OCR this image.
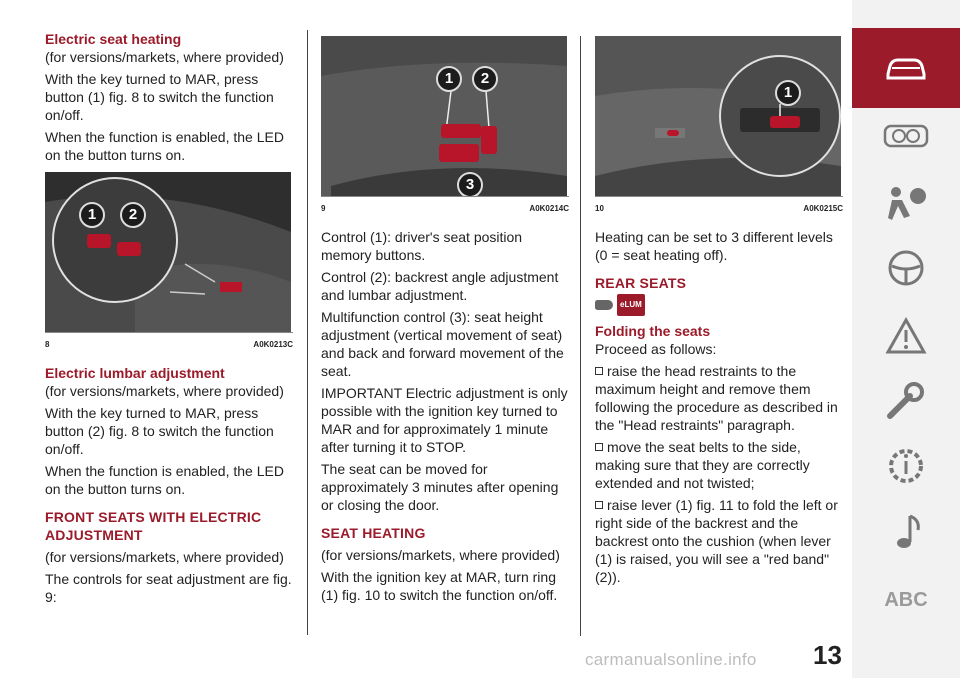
Electric seat heating

(for versions/markets, where provided)

With the key turned to MAR, press button (1) fig. 8 to switch the function on/off.

When the function is enabled, the LED on the button turns on.

1	2
8	A0K0213C
Electric lumbar adjustment

(for versions/markets, where provided)

With the key turned to MAR, press button (2) fig. 8 to switch the function on/off.

When the function is enabled, the LED on the button turns on.

FRONT SEATS WITH ELECTRIC ADJUSTMENT

(for versions/markets, where provided)

The controls for seat adjustment are fig. 9:

1	2
3
9	A0K0214C

Control (1): driver's seat position memory buttons.

Control (2): backrest angle adjustment and lumbar adjustment.

Multifunction control (3): seat height adjustment (vertical movement of seat) and back and forward movement of the seat.

IMPORTANT Electric adjustment is only possible with the ignition key turned to MAR and for approximately 1 minute after turning it to STOP.

The seat can be moved for approximately 3 minutes after opening or closing the door.

SEAT HEATING

(for versions/markets, where provided)

With the ignition key at MAR, turn ring (1) fig. 10 to switch the function on/off.

1
10	A0K0215C

Heating can be set to 3 different levels (0 = seat heating off).

REAR SEATS
eLUM
Folding the seats

Proceed as follows:

raise the head restraints to the maximum height and remove them following the procedure as described in the "Head restraints" paragraph.

move the seat belts to the side, making sure that they are correctly extended and not twisted;

raise lever (1) fig. 11 to fold the left or right side of the backrest and the backrest onto the cushion (when lever (1) is raised, you will see a "red band" (2)).

ABC
13
carmanualsonline.info
